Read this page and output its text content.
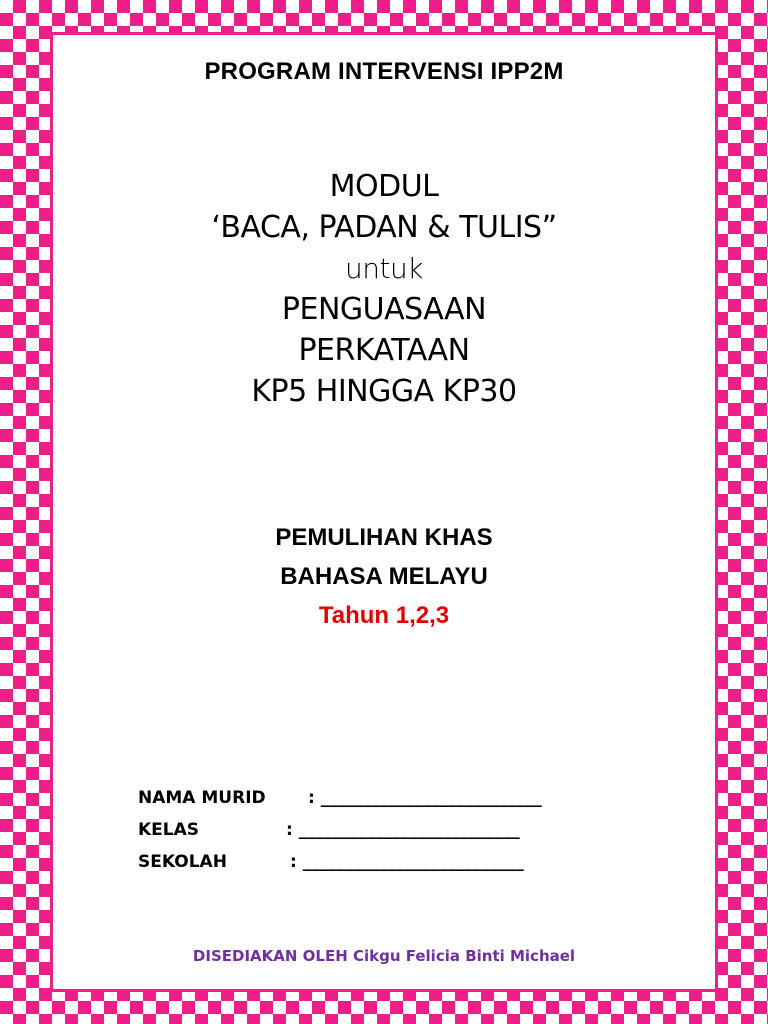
PROGRAM INTERVENSI IPP2M
MODUL
‘BACA, PADAN & TULIS”
untuk
PENGUASAAN
PERKATAAN
KP5 HINGGA KP30
PEMULIHAN KHAS
BAHASA MELAYU
Tahun 1,2,3
NAMA MURID : __________________________
KELAS	: __________________________
SEKOLAH	: __________________________
DISEDIAKAN OLEH Cikgu Felicia Binti Michael
